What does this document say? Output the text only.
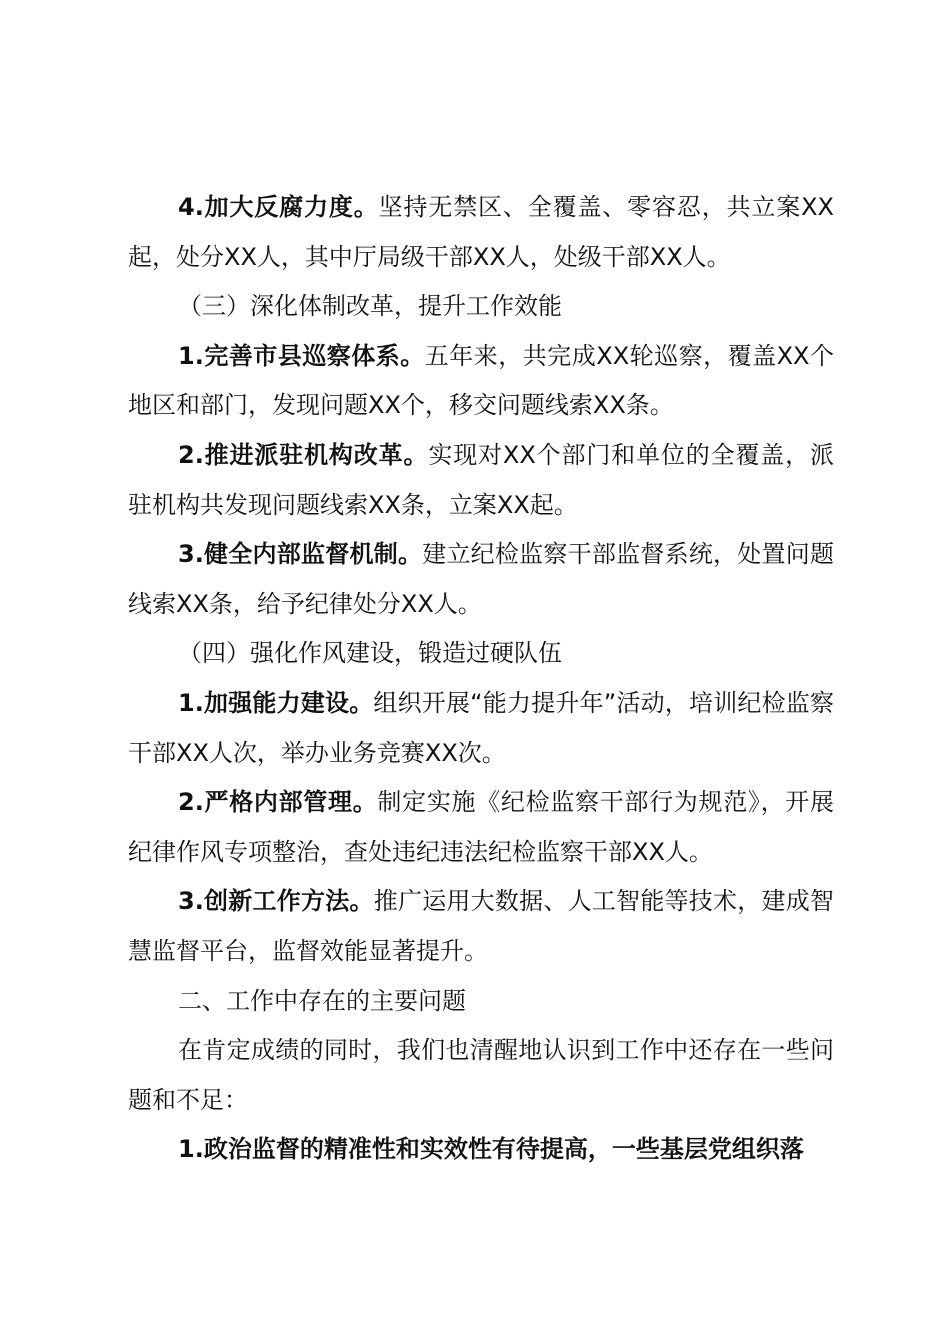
4.加大反腐力度。坚持无禁区、全覆盖、零容忍，共立案XX起，处分XX人，其中厅局级干部XX人，处级干部XX人。

（三）深化体制改革，提升工作效能

1.完善市县巡察体系。五年来，共完成XX轮巡察，覆盖XX个地区和部门，发现问题XX个，移交问题线索XX条。

2.推进派驻机构改革。实现对XX个部门和单位的全覆盖，派驻机构共发现问题线索XX条，立案XX起。

3.健全内部监督机制。建立纪检监察干部监督系统，处置问题线索XX条，给予纪律处分XX人。

（四）强化作风建设，锻造过硬队伍

1.加强能力建设。组织开展“能力提升年”活动，培训纪检监察干部XX人次，举办业务竞赛XX次。

2.严格内部管理。制定实施《纪检监察干部行为规范》，开展纪律作风专项整治，查处违纪违法纪检监察干部XX人。

3.创新工作方法。推广运用大数据、人工智能等技术，建成智慧监督平台，监督效能显著提升。

二、工作中存在的主要问题

在肯定成绩的同时，我们也清醒地认识到工作中还存在一些问题和不足：

1.政治监督的精准性和实效性有待提高，一些基层党组织落
